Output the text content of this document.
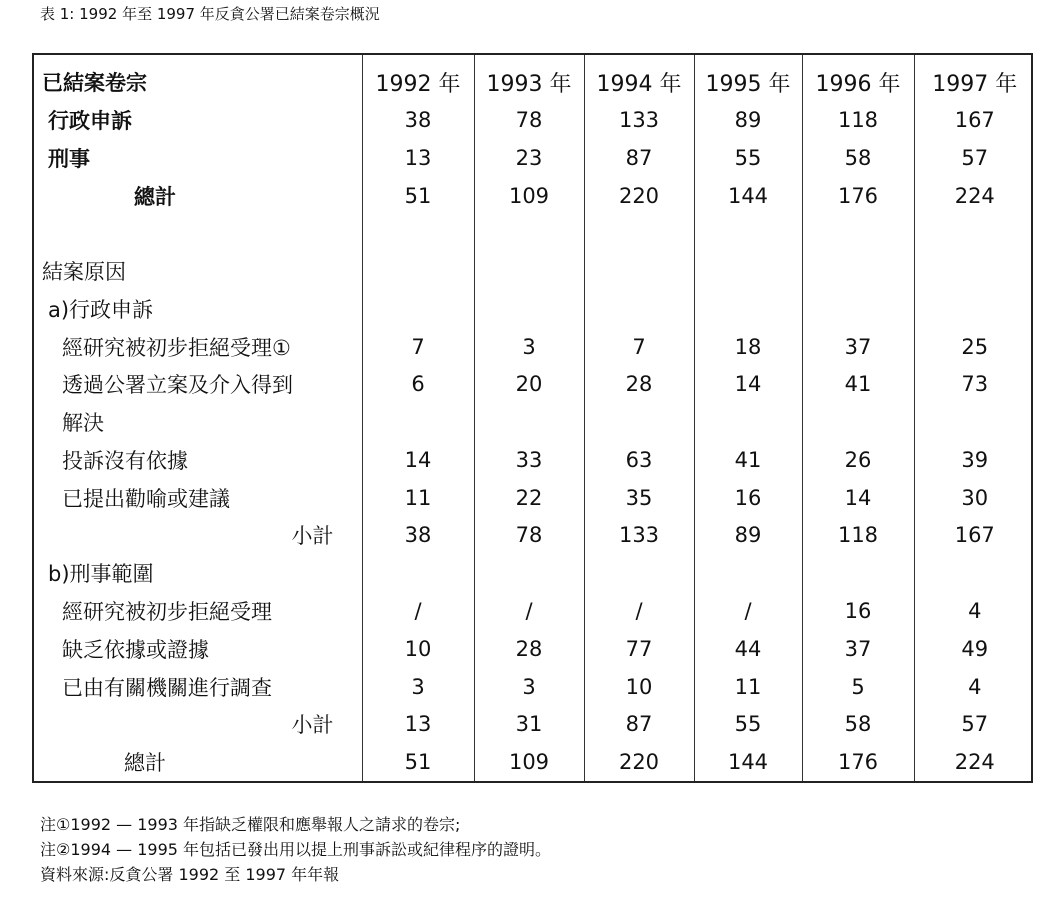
表 1: 1992 年至 1997 年反貪公署已結案卷宗概況
已結案卷宗	1992 年	1993 年	1994 年	1995 年	1996 年	1997 年
行政申訴	38	78	133	89	118	167
刑事	13	23	87	55	58	57
總計	51	109	220	144	176	224

結案原因						
a)行政申訴						
經研究被初步拒絕受理①	7	3	7	18	37	25
透過公署立案及介入得到	6	20	28	14	41	73
解決						
投訴沒有依據	14	33	63	41	26	39
已提出勸喻或建議	11	22	35	16	14	30
小計	38	78	133	89	118	167
b)刑事範圍						
經研究被初步拒絕受理	/	/	/	/	16	4
缺乏依據或證據	10	28	77	44	37	49
已由有關機關進行調查	3	3	10	11	5	4
小計	13	31	87	55	58	57
總計	51	109	220	144	176	224
注①1992 — 1993 年指缺乏權限和應舉報人之請求的卷宗;
注②1994 — 1995 年包括已發出用以提上刑事訴訟或紀律程序的證明。
資料來源:反貪公署 1992 至 1997 年年報
